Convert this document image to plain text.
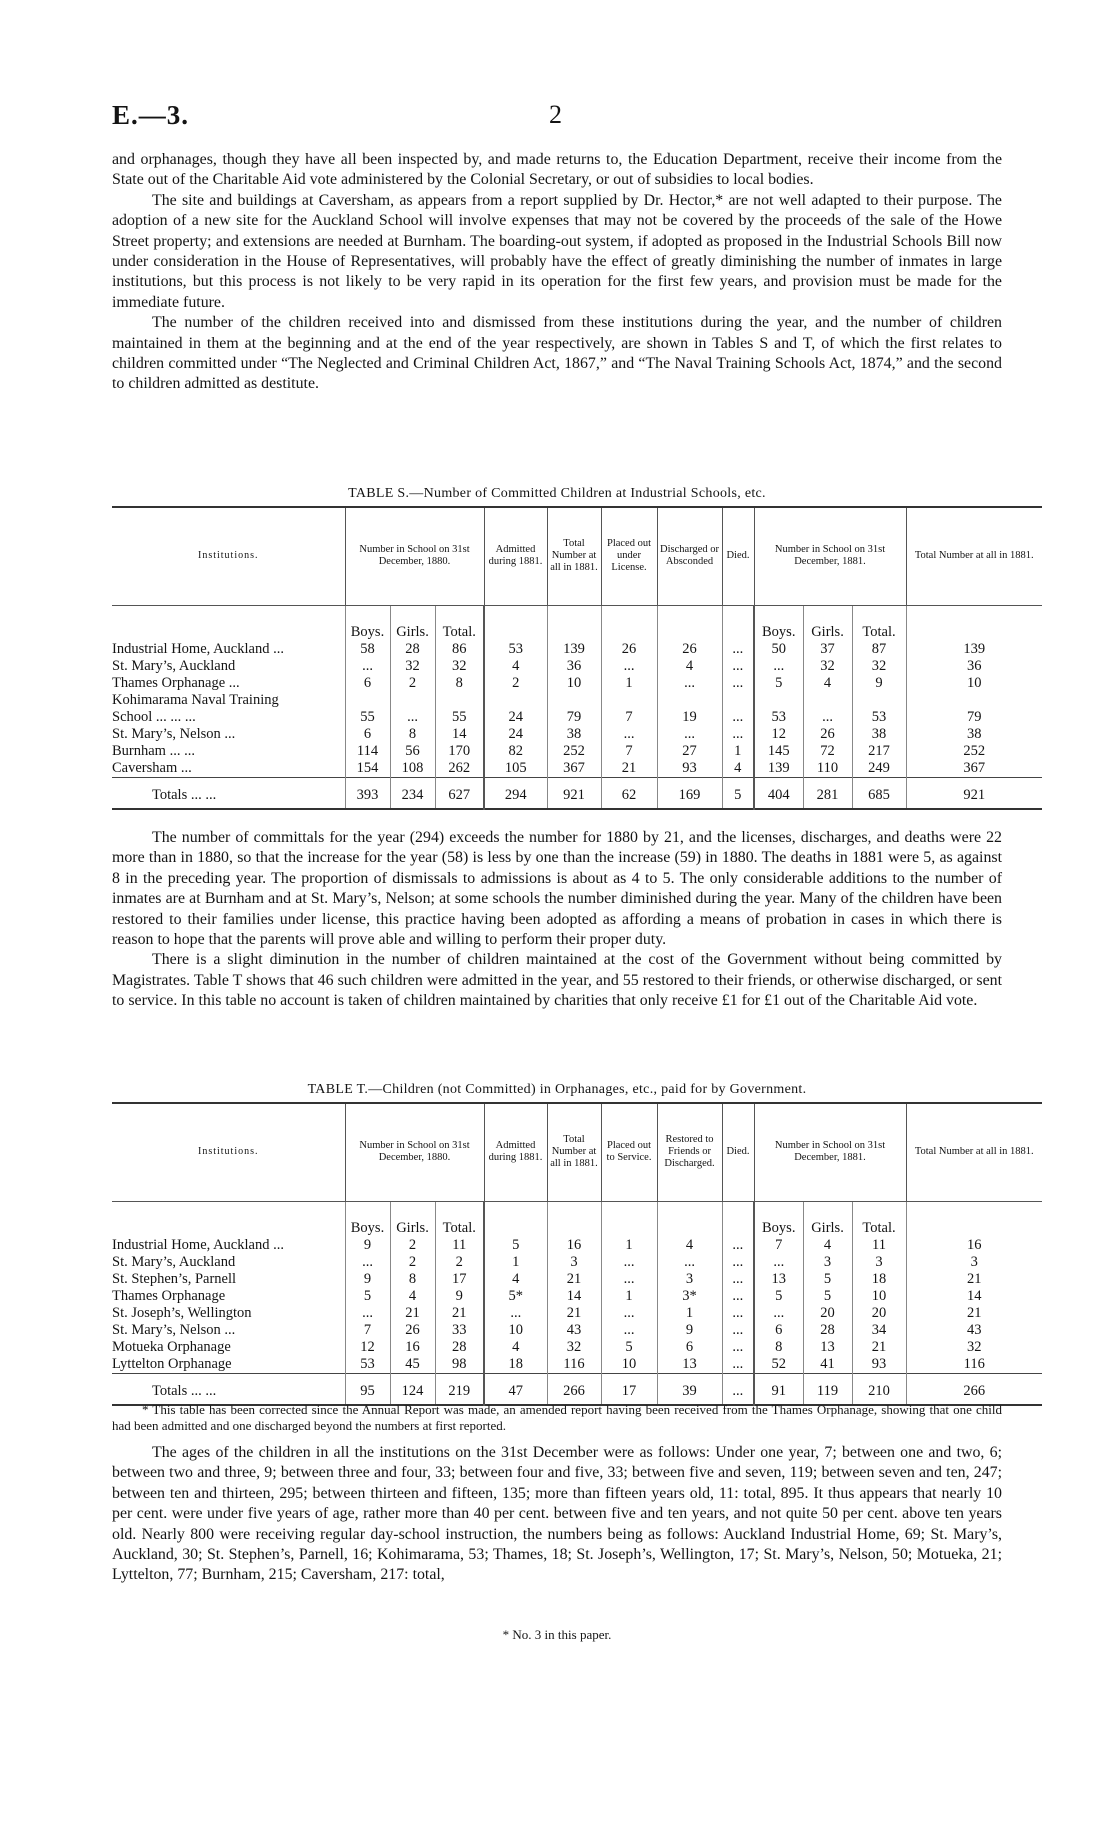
E.—3.	2

and orphanages, though they have all been inspected by, and made returns to, the Education Department, receive their income from the State out of the Charitable Aid vote administered by the Colonial Secretary, or out of subsidies to local bodies.

The site and buildings at Caversham, as appears from a report supplied by Dr. Hector,* are not well adapted to their purpose. The adoption of a new site for the Auckland School will involve expenses that may not be covered by the proceeds of the sale of the Howe Street property; and extensions are needed at Burnham. The boarding-out system, if adopted as proposed in the Industrial Schools Bill now under consideration in the House of Representatives, will probably have the effect of greatly diminishing the number of inmates in large institutions, but this process is not likely to be very rapid in its operation for the first few years, and provision must be made for the immediate future.

The number of the children received into and dismissed from these institutions during the year, and the number of children maintained in them at the beginning and at the end of the year respectively, are shown in Tables S and T, of which the first relates to children committed under “The Neglected and Criminal Children Act, 1867,” and “The Naval Training Schools Act, 1874,” and the second to children admitted as destitute.

TABLE S.—Number of Committed Children at Industrial Schools, etc.
Institutions.	Number in School on 31st December, 1880.			Admitted during 1881.	Total Number at all in 1881.	Placed out under License.	Discharged or Absconded	Died.	Number in School on 31st December, 1881.			Total Number at all in 1881.
	Boys.	Girls.	Total.						Boys.	Girls.	Total.	
Industrial Home, Auckland ...	58	28	86	53	139	26	26	...	50	37	87	139
St. Mary’s, Auckland	...	32	32	4	36	...	4	...	...	32	32	36
Thames Orphanage ...	6	2	8	2	10	1	...	...	5	4	9	10
Kohimarama Naval Training												
School ... ... ...	55	...	55	24	79	7	19	...	53	...	53	79
St. Mary’s, Nelson ...	6	8	14	24	38	...	...	...	12	26	38	38
Burnham ... ...	114	56	170	82	252	7	27	1	145	72	217	252
Caversham ...	154	108	262	105	367	21	93	4	139	110	249	367
Totals ... ...	393	234	627	294	921	62	169	5	404	281	685	921

The number of committals for the year (294) exceeds the number for 1880 by 21, and the licenses, discharges, and deaths were 22 more than in 1880, so that the increase for the year (58) is less by one than the increase (59) in 1880. The deaths in 1881 were 5, as against 8 in the preceding year. The proportion of dismissals to admissions is about as 4 to 5. The only considerable additions to the number of inmates are at Burnham and at St. Mary’s, Nelson; at some schools the number diminished during the year. Many of the children have been restored to their families under license, this practice having been adopted as affording a means of probation in cases in which there is reason to hope that the parents will prove able and willing to perform their proper duty.

There is a slight diminution in the number of children maintained at the cost of the Government without being committed by Magistrates. Table T shows that 46 such children were admitted in the year, and 55 restored to their friends, or otherwise discharged, or sent to service. In this table no account is taken of children maintained by charities that only receive £1 for £1 out of the Charitable Aid vote.

TABLE T.—Children (not Committed) in Orphanages, etc., paid for by Government.
Institutions.	Number in School on 31st December, 1880.			Admitted during 1881.	Total Number at all in 1881.	Placed out to Service.	Restored to Friends or Discharged.	Died.	Number in School on 31st December, 1881.			Total Number at all in 1881.
	Boys.	Girls.	Total.						Boys.	Girls.	Total.	
Industrial Home, Auckland ...	9	2	11	5	16	1	4	...	7	4	11	16
St. Mary’s, Auckland	...	2	2	1	3	...	...	...	...	3	3	3
St. Stephen’s, Parnell	9	8	17	4	21	...	3	...	13	5	18	21
Thames Orphanage	5	4	9	5*	14	1	3*	...	5	5	10	14
St. Joseph’s, Wellington	...	21	21	...	21	...	1	...	...	20	20	21
St. Mary’s, Nelson ...	7	26	33	10	43	...	9	...	6	28	34	43
Motueka Orphanage	12	16	28	4	32	5	6	...	8	13	21	32
Lyttelton Orphanage	53	45	98	18	116	10	13	...	52	41	93	116
Totals ... ...	95	124	219	47	266	17	39	...	91	119	210	266
* This table has been corrected since the Annual Report was made, an amended report having been received from the Thames Orphanage, showing that one child had been admitted and one discharged beyond the numbers at first reported.

The ages of the children in all the institutions on the 31st December were as follows: Under one year, 7; between one and two, 6; between two and three, 9; between three and four, 33; between four and five, 33; between five and seven, 119; between seven and ten, 247; between ten and thirteen, 295; between thirteen and fifteen, 135; more than fifteen years old, 11: total, 895. It thus appears that nearly 10 per cent. were under five years of age, rather more than 40 per cent. between five and ten years, and not quite 50 per cent. above ten years old. Nearly 800 were receiving regular day-school instruction, the numbers being as follows: Auckland Industrial Home, 69; St. Mary’s, Auckland, 30; St. Stephen’s, Parnell, 16; Kohimarama, 53; Thames, 18; St. Joseph’s, Wellington, 17; St. Mary’s, Nelson, 50; Motueka, 21; Lyttelton, 77; Burnham, 215; Caversham, 217: total,

* No. 3 in this paper.
